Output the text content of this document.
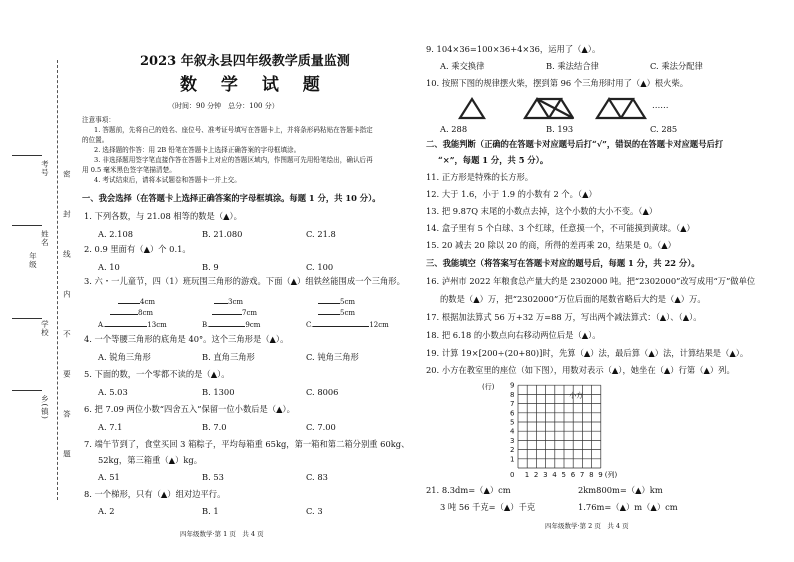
考号
姓名
学校
年级
乡(镇)
密
封
线
内
不
要
答
题
2023 年叙永县四年级教学质量监测
数 学 试 题
（时间：90 分钟　总分：100 分）
注意事项：
1. 答题前，先将自己的姓名、座位号、准考证号填写在答题卡上，并将条形码粘贴在答题卡指定
的位置。
2. 选择题的作答：用 2B 铅笔在答题卡上选择正确答案的字母框填涂。
3. 非选择题用签字笔直接作答在答题卡上对应的答题区域内，作图题可先用铅笔绘出，确认后再
用 0.5 毫米黑色签字笔描清楚。
4. 考试结束后，请将本试题卷和答题卡一并上交。
一、我会选择（在答题卡上选择正确答案的字母框填涂。每题 1 分，共 10 分）。
1. 下列各数，与 21.08 相等的数是（▲）。
A. 2.108	B. 21.080	C. 21.8
2. 0.9 里面有（▲）个 0.1。
A. 10	B. 9	C. 100
3. 六・一儿童节，四（1）班玩围三角形的游戏。下面（▲）组铁丝能围成一个三角形。
4cm
8cm
A.	13cm
3cm
7cm
B.	9cm
5cm
5cm
C.	12cm
4. 一个等腰三角形的底角是 40°。这个三角形是（▲）。
A. 锐角三角形	B. 直角三角形	C. 钝角三角形
5. 下面的数，一个零都不读的是（▲）。
A. 5.03	B. 1300	C. 8006
6. 把 7.09 两位小数“四舍五入”保留一位小数后是（▲）。
A. 7.1	B. 7.0	C. 7.00
7. 端午节到了，食堂买回 3 箱粽子，平均每箱重 65kg，第一箱和第二箱分别重 60kg、
52kg，第三箱重（▲）kg。
A. 51	B. 53	C. 83
8. 一个梯形，只有（▲）组对边平行。
A. 2	B. 1	C. 3
四年级数学·第 1 页　共 4 页
9. 104×36=100×36+4×36，运用了（▲）。
A. 乘交换律	B. 乘法结合律	C. 乘法分配律
10. 按照下图的规律摆火柴，摆到第 96 个三角形时用了（▲）根火柴。
……
A. 288	B. 193	C. 285
二、我能判断（正确的在答题卡对应题号后打“√”，错误的在答题卡对应题号后打
“×”，每题 1 分，共 5 分）。
11. 正方形是特殊的长方形。
12. 大于 1.6，小于 1.9 的小数有 2 个。（▲）
13. 把 9.87Q 末尾的小数点去掉，这个小数的大小不变。（▲）
14. 盒子里有 5 个白球、3 个红球，任意摸一个，不可能摸到黄球。（▲）
15. 20 减去 20 除以 20 的商，所得的差再乘 20，结果是 0。（▲）
三、我能填空（将答案写在答题卡对应的题号后，每题 1 分，共 22 分）。
16. 泸州市 2022 年粮食总产量大约是 2302000 吨。把“2302000”改写成用“万”做单位
的数是（▲）万，把“2302000”万位后面的尾数省略后大约是（▲）万。
17. 根据加法算式 56 万+32 万=88 万，写出两个减法算式：（▲）、（▲）。
18. 把 6.18 的小数点向右移动两位后是（▲）。
19. 计算 19×[200÷(20+80)]时，先算（▲）法，最后算（▲）法，计算结果是（▲）。
20. 小方在教室里的座位（如下图），用数对表示（▲），她坐在（▲）行第（▲）列。
1 2 3 4 5 6 7 8 9
1
2
3
4
5
6
7
8
9
0
(行)
(列)
小方
21. 8.3dm=（▲）cm	2km800m=（▲）km
3 吨 56 千克=（▲）千克	1.76m=（▲）m（▲）cm
四年级数学·第 2 页　共 4 页
